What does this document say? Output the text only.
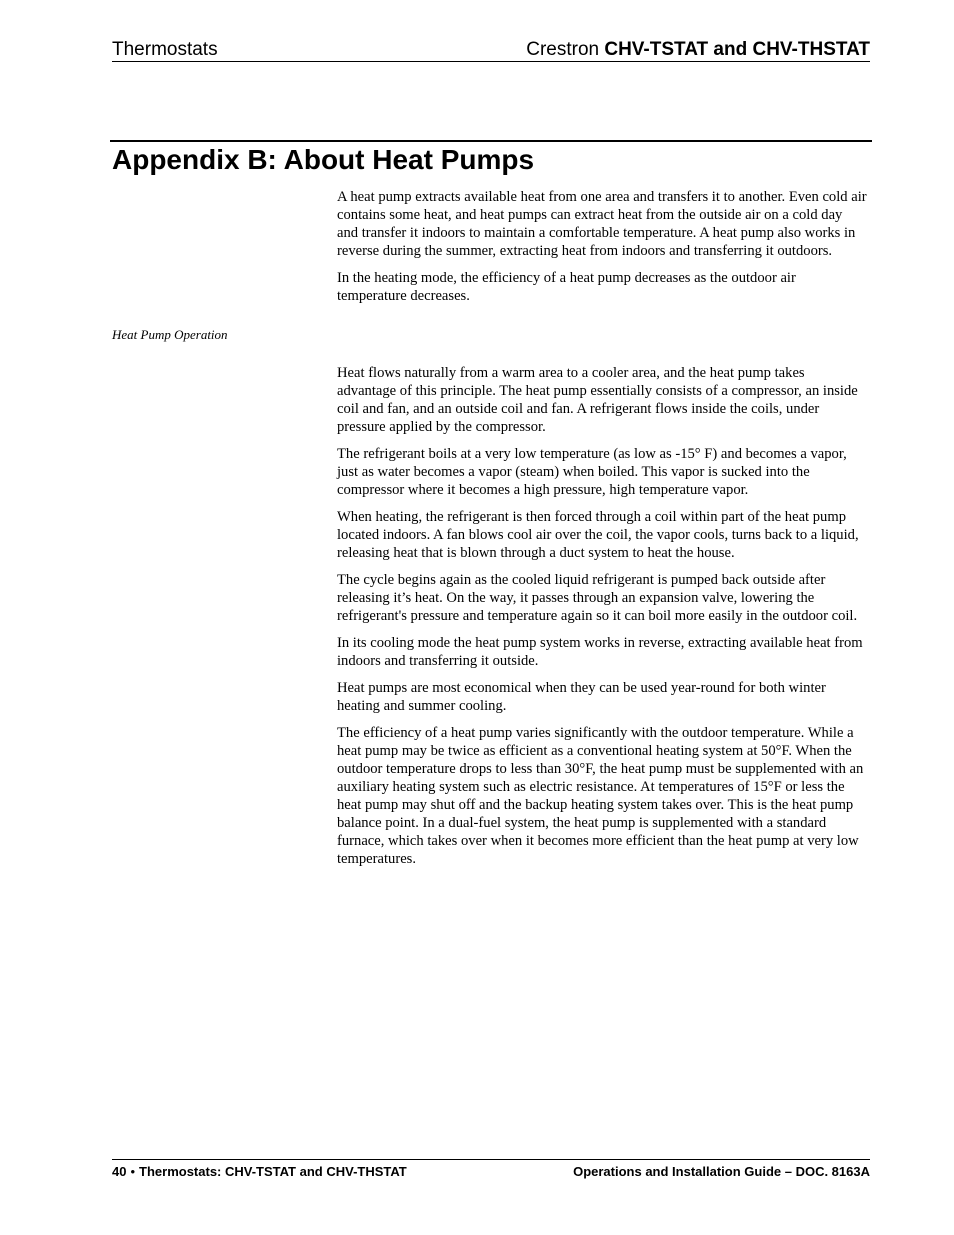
Thermostats	Crestron CHV-TSTAT and CHV-THSTAT
Appendix B: About Heat Pumps

A heat pump extracts available heat from one area and transfers it to another. Even cold air contains some heat, and heat pumps can extract heat from the outside air on a cold day and transfer it indoors to maintain a comfortable temperature. A heat pump also works in reverse during the summer, extracting heat from indoors and transferring it outdoors.

In the heating mode, the efficiency of a heat pump decreases as the outdoor air temperature decreases.

Heat Pump Operation

Heat flows naturally from a warm area to a cooler area, and the heat pump takes advantage of this principle. The heat pump essentially consists of a compressor, an inside coil and fan, and an outside coil and fan. A refrigerant flows inside the coils, under pressure applied by the compressor.

The refrigerant boils at a very low temperature (as low as -15° F) and becomes a vapor, just as water becomes a vapor (steam) when boiled. This vapor is sucked into the compressor where it becomes a high pressure, high temperature vapor.

When heating, the refrigerant is then forced through a coil within part of the heat pump located indoors. A fan blows cool air over the coil, the vapor cools, turns back to a liquid, releasing heat that is blown through a duct system to heat the house.

The cycle begins again as the cooled liquid refrigerant is pumped back outside after releasing it’s heat. On the way, it passes through an expansion valve, lowering the refrigerant's pressure and temperature again so it can boil more easily in the outdoor coil.

In its cooling mode the heat pump system works in reverse, extracting available heat from indoors and transferring it outside.

Heat pumps are most economical when they can be used year-round for both winter heating and summer cooling.

The efficiency of a heat pump varies significantly with the outdoor temperature. While a heat pump may be twice as efficient as a conventional heating system at 50°F. When the outdoor temperature drops to less than 30°F, the heat pump must be supplemented with an auxiliary heating system such as electric resistance. At temperatures of 15°F or less the heat pump may shut off and the backup heating system takes over. This is the heat pump balance point. In a dual-fuel system, the heat pump is supplemented with a standard furnace, which takes over when it becomes more efficient than the heat pump at very low temperatures.

40 • Thermostats: CHV-TSTAT and CHV-THSTAT	Operations and Installation Guide – DOC. 8163A
